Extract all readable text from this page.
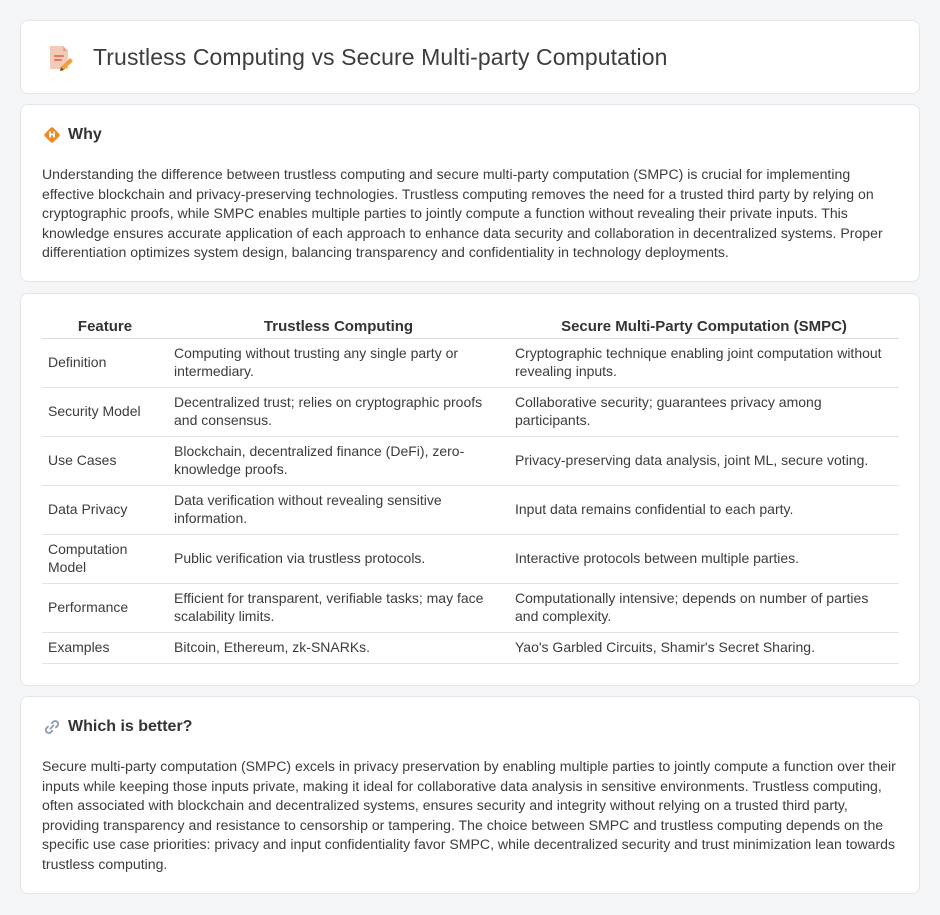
Trustless Computing vs Secure Multi-party Computation
Why

Understanding the difference between trustless computing and secure multi-party computation (SMPC) is crucial for implementing effective blockchain and privacy-preserving technologies. Trustless computing removes the need for a trusted third party by relying on cryptographic proofs, while SMPC enables multiple parties to jointly compute a function without revealing their private inputs. This knowledge ensures accurate application of each approach to enhance data security and collaboration in decentralized systems. Proper differentiation optimizes system design, balancing transparency and confidentiality in technology deployments.

Feature	Trustless Computing	Secure Multi-Party Computation (SMPC)
Definition	Computing without trusting any single party or intermediary.	Cryptographic technique enabling joint computation without revealing inputs.
Security Model	Decentralized trust; relies on cryptographic proofs and consensus.	Collaborative security; guarantees privacy among participants.
Use Cases	Blockchain, decentralized finance (DeFi), zero-knowledge proofs.	Privacy-preserving data analysis, joint ML, secure voting.
Data Privacy	Data verification without revealing sensitive information.	Input data remains confidential to each party.
Computation Model	Public verification via trustless protocols.	Interactive protocols between multiple parties.
Performance	Efficient for transparent, verifiable tasks; may face scalability limits.	Computationally intensive; depends on number of parties and complexity.
Examples	Bitcoin, Ethereum, zk-SNARKs.	Yao's Garbled Circuits, Shamir's Secret Sharing.
Which is better?

Secure multi-party computation (SMPC) excels in privacy preservation by enabling multiple parties to jointly compute a function over their inputs while keeping those inputs private, making it ideal for collaborative data analysis in sensitive environments. Trustless computing, often associated with blockchain and decentralized systems, ensures security and integrity without relying on a trusted third party, providing transparency and resistance to censorship or tampering. The choice between SMPC and trustless computing depends on the specific use case priorities: privacy and input confidentiality favor SMPC, while decentralized security and trust minimization lean towards trustless computing.
